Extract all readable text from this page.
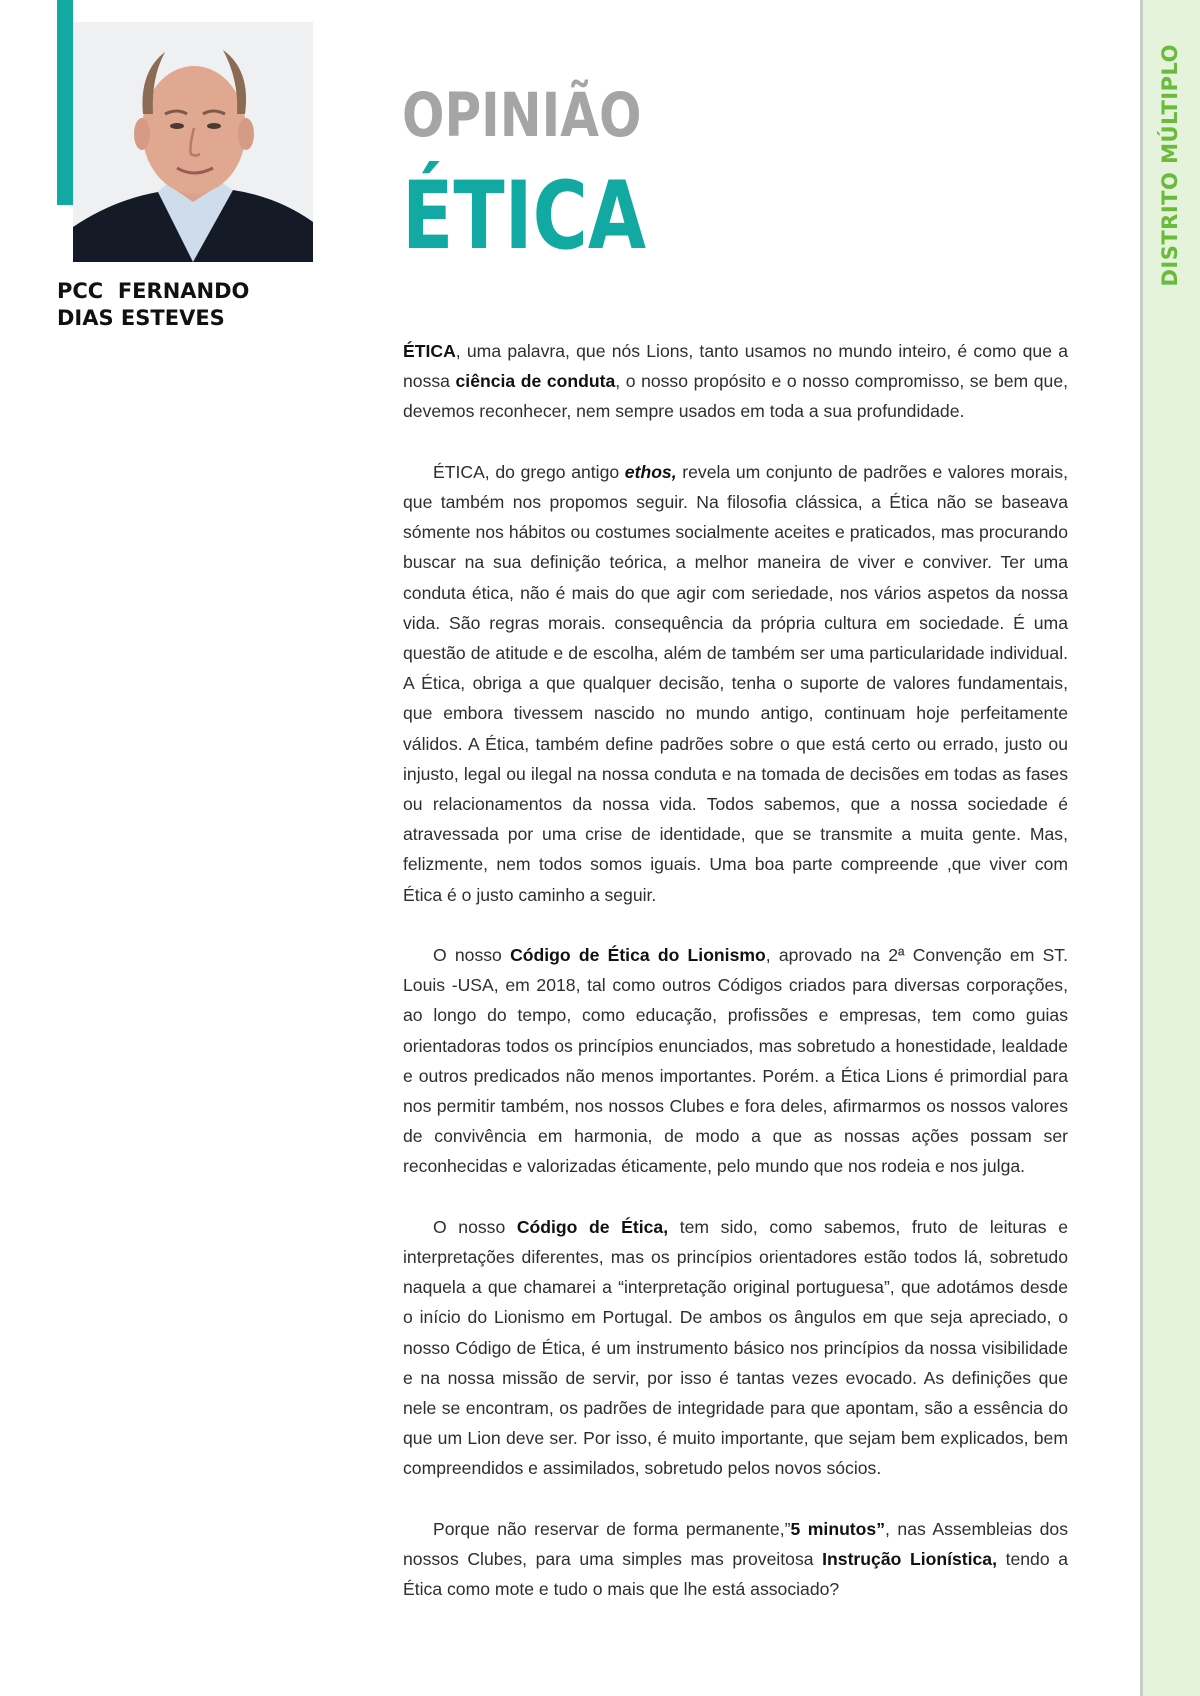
PCC  FERNANDO
DIAS ESTEVES
OPINIÃO
ÉTICA

ÉTICA, uma palavra, que nós Lions, tanto usamos no mundo inteiro, é como que a nossa ciência de conduta, o nosso propósito e o nosso compromisso, se bem que, devemos reconhecer, nem sempre usados em toda a sua profundidade.

ÉTICA, do grego antigo ethos, revela um conjunto de padrões e valores morais, que também nos propomos seguir. Na filosofia clássica, a Ética não se baseava sómente nos hábitos ou costumes socialmente aceites e praticados, mas procurando buscar na sua definição teórica, a melhor maneira de viver e conviver. Ter uma conduta ética, não é mais do que agir com seriedade, nos vários aspetos da nossa vida. São regras morais. consequência da própria cultura em sociedade. É uma questão de atitude e de escolha, além de também ser uma particularidade individual. A Ética, obriga a que qualquer decisão, tenha o suporte de valores fundamentais, que embora tivessem nascido no mundo antigo, continuam hoje perfeitamente válidos. A Ética, também define padrões sobre o que está certo ou errado, justo ou injusto, legal ou ilegal na nossa conduta e na tomada de decisões em todas as fases ou relacionamentos da nossa vida. Todos sabemos, que a nossa sociedade é atravessada por uma crise de identidade, que se transmite a muita gente. Mas, felizmente, nem todos somos iguais. Uma boa parte compreende ,que viver com Ética é o justo caminho a seguir.

O nosso Código de Ética do Lionismo, aprovado na 2ª Convenção em ST. Louis -USA, em 2018, tal como outros Códigos criados para diversas corporações, ao longo do tempo, como educação, profissões e empresas, tem como guias orientadoras todos os princípios enunciados, mas sobretudo a honestidade, lealdade e outros predicados não menos importantes. Porém. a Ética Lions é primordial para nos permitir também, nos nossos Clubes e fora deles, afirmarmos os nossos valores de convivência em harmonia, de modo a que as nossas ações possam ser reconhecidas e valorizadas éticamente, pelo mundo que nos rodeia e nos julga.

O nosso Código de Ética, tem sido, como sabemos, fruto de leituras e interpretações diferentes, mas os princípios orientadores estão todos lá, sobretudo naquela a que chamarei a “interpretação original portuguesa”, que adotámos desde o início do Lionismo em Portugal. De ambos os ângulos em que seja apreciado, o nosso Código de Ética, é um instrumento básico nos princípios da nossa visibilidade e na nossa missão de servir, por isso é tantas vezes evocado. As definições que nele se encontram, os padrões de integridade para que apontam, são a essência do que um Lion deve ser. Por isso, é muito importante, que sejam bem explicados, bem compreendidos e assimilados, sobretudo pelos novos sócios.

Porque não reservar de forma permanente,”5 minutos”, nas Assembleias dos nossos Clubes, para uma simples mas proveitosa Instrução Lionística, tendo a Ética como mote e tudo o mais que lhe está associado?

DISTRITO MÚLTIPLO
